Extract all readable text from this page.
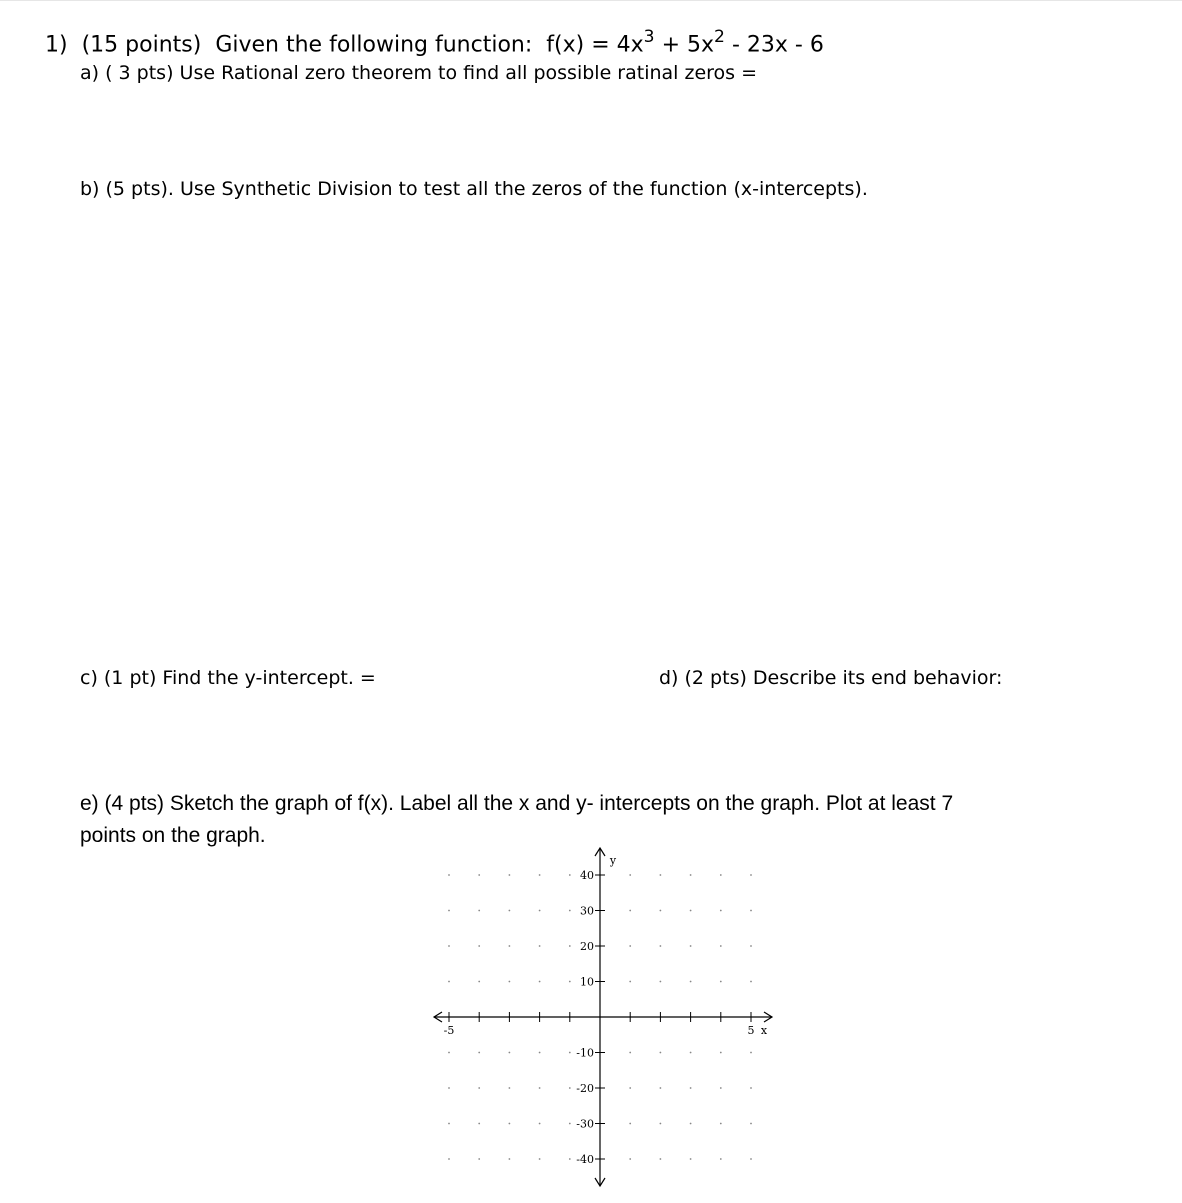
1) (15 points) Given the following function: $f(x) = 4x^3 + 5x^2 - 23x - 6$
a) ( 3 pts) Use Rational zero theorem to find all possible ratinal zeros =
b) (5 pts). Use Synthetic Division to test all the zeros of the function (x-intercepts).
c) (1 pt) Find the y-intercept. =	d) (2 pts) Describe its end behavior:
e) (4 pts) Sketch the graph of f(x). Label all the x and y- intercepts on the graph. Plot at least 7
points on the graph.
40
30
20
10
-10
-20
-30
-40
-5	5 x
y
